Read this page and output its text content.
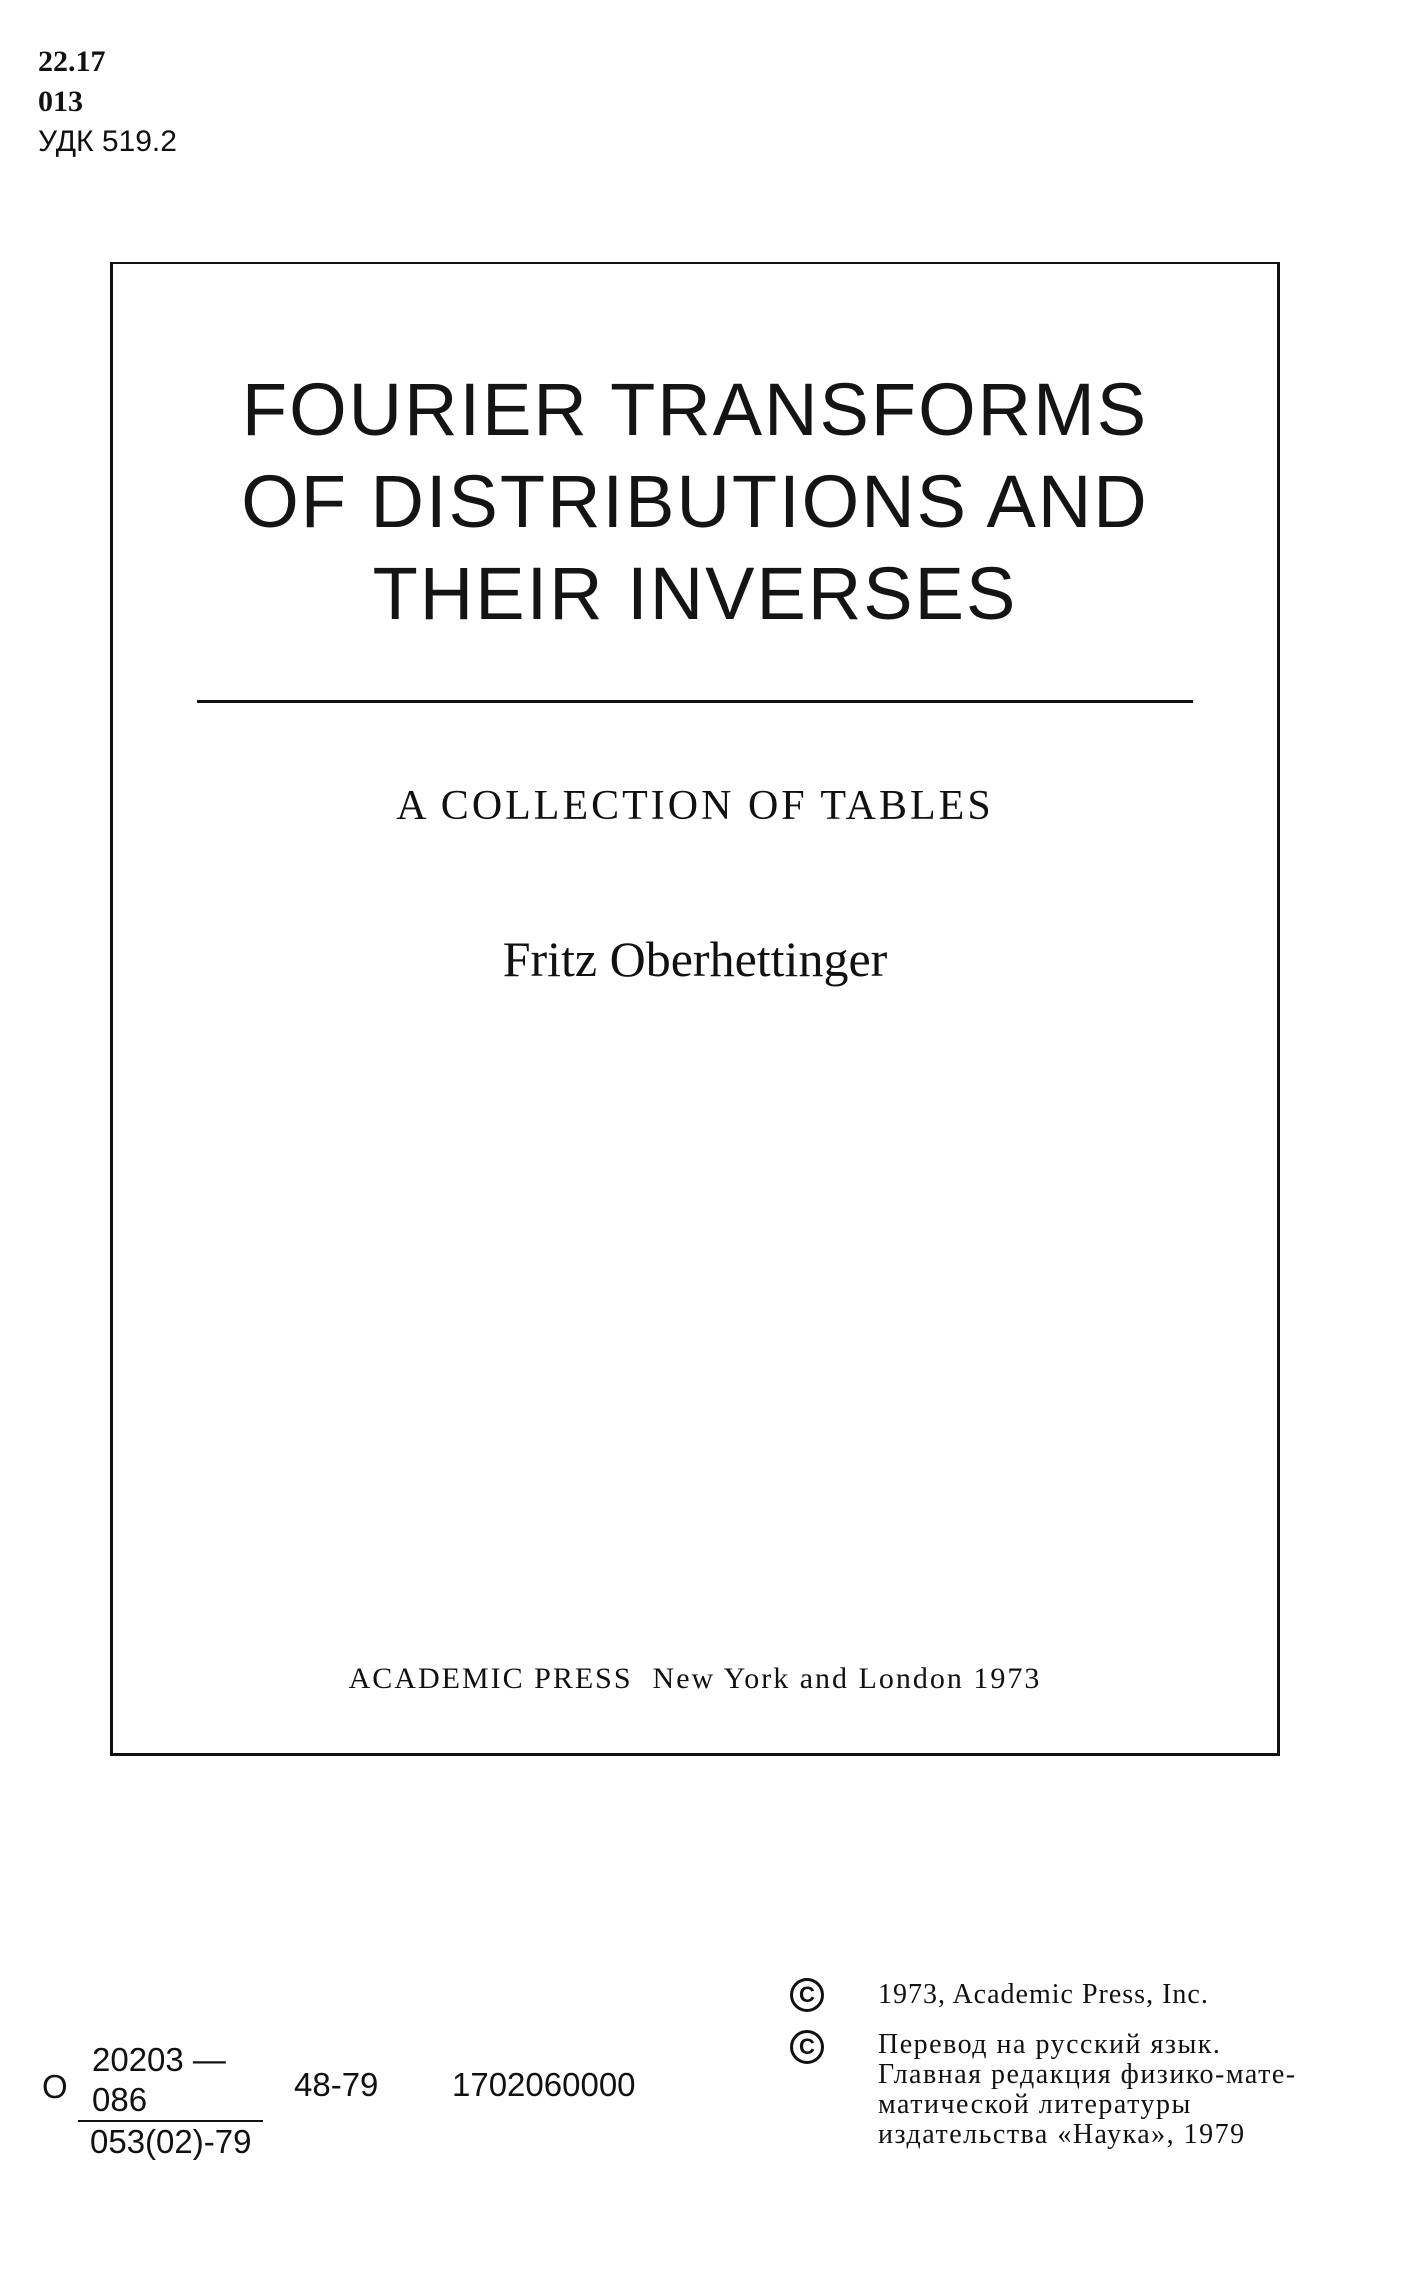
22.17
013
УДК 519.2
FOURIER TRANSFORMS
OF DISTRIBUTIONS AND
THEIR INVERSES
A COLLECTION OF TABLES
Fritz Oberhettinger
ACADEMIC PRESS New York and London 1973
О $\frac{20203 — 086}{053(02)-79} 48-79$ 1702060000
C	1973, Academic Press, Inc.
C	Перевод на русский язык.
Главная редакция физико-мате-
матической литературы
издательства «Наука», 1979
